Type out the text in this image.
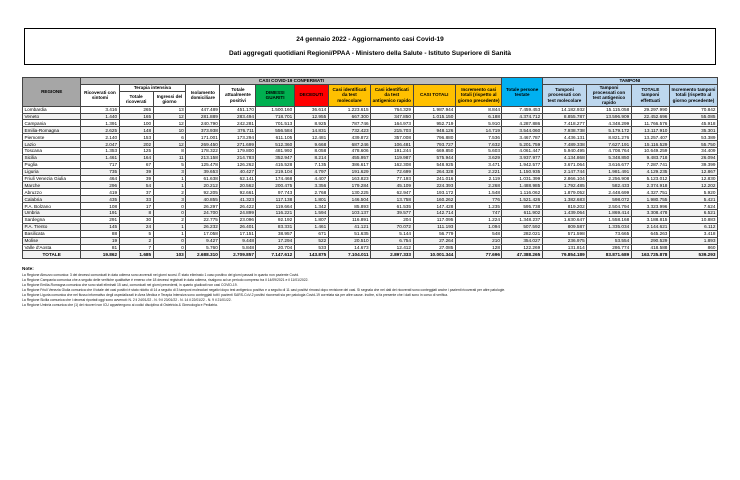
24 gennaio 2022 - Aggiornamento casi Covid-19
Dati aggregati quotidiani Regioni/PPAA - Ministero della Salute - Istituto Superiore di Sanità
REGIONE	CASI COVID-19 CONFERMATI											Totale persone testate	TAMPONI			
	Ricoverati con sintomi	Terapia intensiva		Isolamento domiciliare	Totale attualmente positivi	DIMESSI GUARITI	DECEDUTI	Casi identificati da test molecolare	Casi identificati da test antigenico rapido	CASI TOTALI	Incremento casi totali (rispetto al giorno precedente)		Tamponi processati con test molecolare	Tamponi processati con test antigenico rapido	TOTALE tamponi effettuati	Incremento tamponi totali (rispetto al giorno precedente)
		Totale ricoverati	Ingressi del giorno													
Lombardia	3.416	265	13	447.489	451.170	1.500.160	36.614	1.223.615	764.329	1.987.944	8.844	7.459.453	14.182.932	15.115.058	29.297.990	70.842
Veneto	1.440	165	12	281.889	283.494	718.701	12.955	667.300	347.850	1.015.150	6.188	4.374.712	8.855.787	13.596.909	22.452.696	55.085
Campania	1.391	100	12	240.790	242.281	701.513	8.925	787.746	164.973	952.719	5.910	4.287.886	7.418.277	4.348.299	11.766.576	45.918
Emilia-Romagna	2.625	148	10	373.938	376.711	556.584	14.831	732.423	215.703	948.126	14.719	3.544.060	7.938.738	5.179.172	13.117.910	35.301
Piemonte	2.140	153	6	171.001	173.294	611.105	12.481	439.872	357.008	796.880	7.536	3.467.787	4.436.131	8.821.276	13.257.407	53.389
Lazio	2.047	202	12	269.450	271.699	512.360	9.668	687.246	106.481	793.727	7.632	5.201.759	7.489.338	7.627.191	15.116.529	55.750
Toscana	1.353	125	8	178.322	179.800	481.992	8.058	478.606	191.244	669.850	5.603	4.061.447	5.940.495	4.708.764	10.649.259	34.409
Sicilia	1.461	164	11	213.158	214.783	352.947	8.214	455.957	119.987	575.944	3.629	3.937.977	4.134.868	5.348.850	9.483.718	26.094
Puglia	717	67	5	125.478	126.262	415.528	7.135	386.617	162.308	548.925	3.471	1.942.577	3.671.064	3.616.677	7.287.741	39.399
Liguria	735	39	3	39.653	40.427	219.104	4.797	191.629	72.699	264.328	2.221	1.150.935	2.147.744	1.981.491	4.129.235	12.867
Friuli Venezia Giulia	464	39	1	61.638	62.141	174.468	4.407	163.823	77.193	241.016	2.119	1.031.399	2.866.104	2.256.908	5.123.012	12.830
Marche	296	54	1	20.212	20.562	200.475	3.356	179.284	45.109	224.393	2.268	1.488.985	1.792.485	582.433	2.374.918	12.202
Abruzzo	419	37	2	92.205	92.661	97.743	2.768	130.225	62.947	193.172	1.548	1.116.062	1.879.052	2.448.699	4.327.751	5.920
Calabria	435	33	3	40.855	41.323	117.138	1.801	146.504	13.758	160.262	776	1.521.426	1.382.683	598.072	1.980.755	5.421
P.A. Bolzano	108	17	0	26.297	26.422	119.664	1.342	85.893	61.535	147.428	1.235	595.738	819.202	2.504.794	3.323.996	7.624
Umbria	191	8	0	24.700	24.899	116.221	1.594	103.137	39.577	142.714	747	611.902	1.439.064	1.869.414	3.308.478	6.521
Sardegna	291	30	2	22.775	23.096	92.192	1.807	116.891	204	117.095	1.224	1.348.237	1.630.647	1.558.168	3.188.815	10.883
P.A. Trento	145	24	1	26.232	26.401	83.331	1.461	41.121	70.072	111.193	1.094	507.592	809.587	1.335.034	2.144.621	6.112
Basilicata	88	5	1	17.058	17.151	38.957	671	51.635	5.144	56.779	548	282.021	571.598	73.665	645.263	3.418
Molise	19	2	0	9.427	9.448	17.294	522	20.510	6.754	27.264	210	354.027	236.975	53.554	290.529	1.893
Valle d'Aosta	81	7	0	5.760	5.848	20.704	533	14.673	12.412	27.085	128	122.269	131.814	286.774	418.588	860
TOTALE	19.862	1.685	103	2.688.310	2.709.857	7.147.612	143.875	7.104.011	2.897.333	10.001.344	77.696	47.388.265	79.854.189	83.871.689	163.725.878	539.293
Note:
La Regione Abruzzo comunica: 3 dei decessi comunicati in data odierna sono avvenuti nei giorni scorsi. È stato eliminato 1 caso positivo dei giorni passati in quanto non paziente Covid.
La Regione Campania comunica che a seguito delle verifiche qualitative è emerso che 18 decessi registrati in data odierna, risalgono ad un periodo compreso tra il 14/09/2021 e il 11/01/2022.
La Regione Emilia-Romagna comunica che sono stati eliminati 15 casi, comunicati nei giorni precedenti, in quanto giudicati non casi COVID-19.
La Regione Friuli Venezia Giulia comunica che il totale dei casi positivi è stato ridotto di 14 a seguito di 3 tamponi molecolari negativi dopo test antigenico positivo e a seguito di 11 casi positivi rimossi dopo revisione dei casi. Si segnala che nei dati dei ricoverati sono conteggiati anche i pazienti ricoverati per altre patologie.
La Regione Liguria comunica che nel flusso informativo degli ospedalizzati in Area Medica e Terapia Intensiva sono conteggiati tutti i pazienti SARS-CoV-2 positivi ricoverati sia per patologia Covid-19 correlata sia per altre cause. Inoltre, si fa presente che i dati sono in corso di verifica.
La Regione Sicilia comunica che i decessi riportati oggi sono avvenuti: N. 2 il 24/01/22 - N. 9 il 23/01/22 - N. 14 il 22/01/22 - N. 9 il 21/01/22.
La Regione Umbria comunica che (1) dei ricoveri non ICU appartengono ai codici disciplina di Ostetricia & Ginecologia e Pediatria.
